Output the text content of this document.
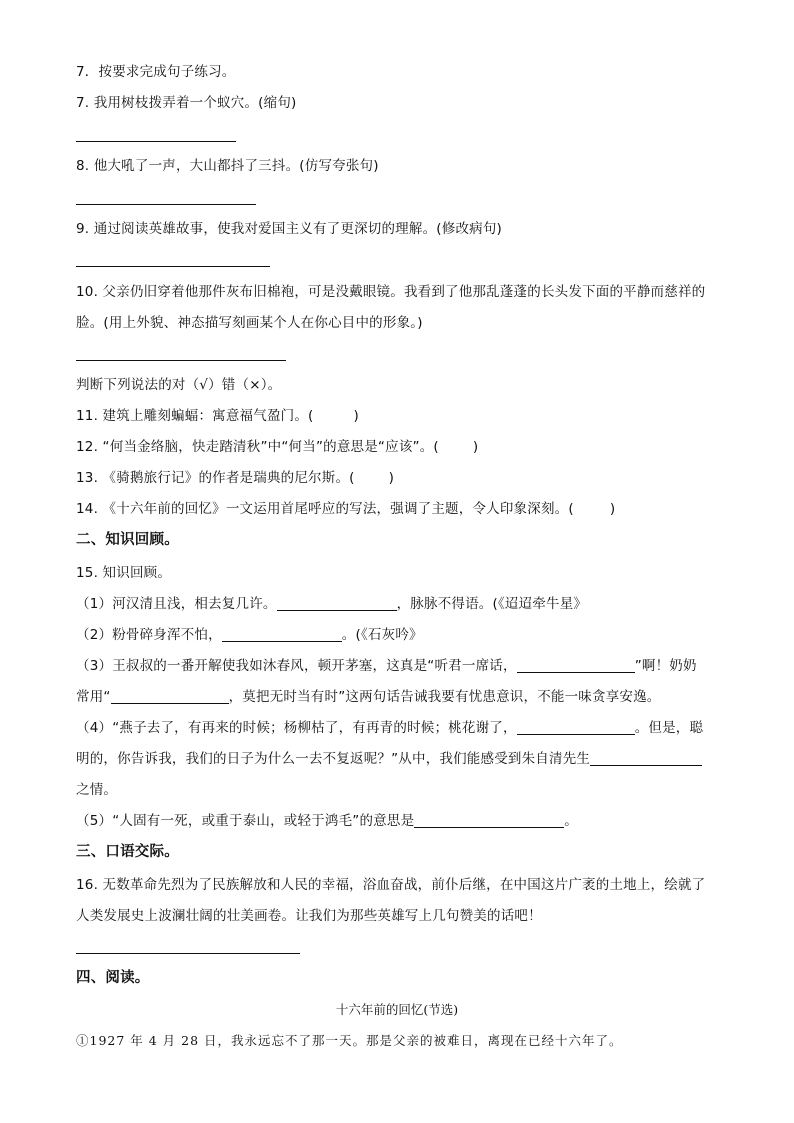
7．按要求完成句子练习。
7. 我用树枝拨弄着一个蚁穴。(缩句)
8. 他大吼了一声，大山都抖了三抖。(仿写夸张句)
9. 通过阅读英雄故事，使我对爱国主义有了更深切的理解。(修改病句)
10. 父亲仍旧穿着他那件灰布旧棉袍，可是没戴眼镜。我看到了他那乱蓬蓬的长头发下面的平静而慈祥的
脸。(用上外貌、神态描写刻画某个人在你心目中的形象。)
判断下列说法的对（√）错（×）。
11. 建筑上雕刻蝙蝠：寓意福气盈门。(	)
12. “何当金络脑，快走踏清秋”中“何当”的意思是“应该”。(	)
13. 《骑鹅旅行记》的作者是瑞典的尼尔斯。(	)
14. 《十六年前的回忆》一文运用首尾呼应的写法，强调了主题，令人印象深刻。(	)
二、知识回顾。
15. 知识回顾。
（1）河汉清且浅，相去复几许。	，脉脉不得语。(《迢迢牵牛星》
（2）粉骨碎身浑不怕，	。(《石灰吟》
（3）王叔叔的一番开解使我如沐春风，顿开茅塞，这真是“听君一席话，	”啊！奶奶
常用“	，莫把无时当有时”这两句话告诫我要有忧患意识，不能一味贪享安逸。
（4）“燕子去了，有再来的时候；杨柳枯了，有再青的时候；桃花谢了，	。但是，聪
明的，你告诉我，我们的日子为什么一去不复返呢？”从中，我们能感受到朱自清先生
之情。
（5）“人固有一死，或重于泰山，或轻于鸿毛”的意思是	。
三、口语交际。
16. 无数革命先烈为了民族解放和人民的幸福，浴血奋战，前仆后继，在中国这片广袤的土地上，绘就了
人类发展史上波澜壮阔的壮美画卷。让我们为那些英雄写上几句赞美的话吧！
四、阅读。
十六年前的回忆(节选)
①1927 年 4 月 28 日，我永远忘不了那一天。那是父亲的被难日，离现在已经十六年了。
